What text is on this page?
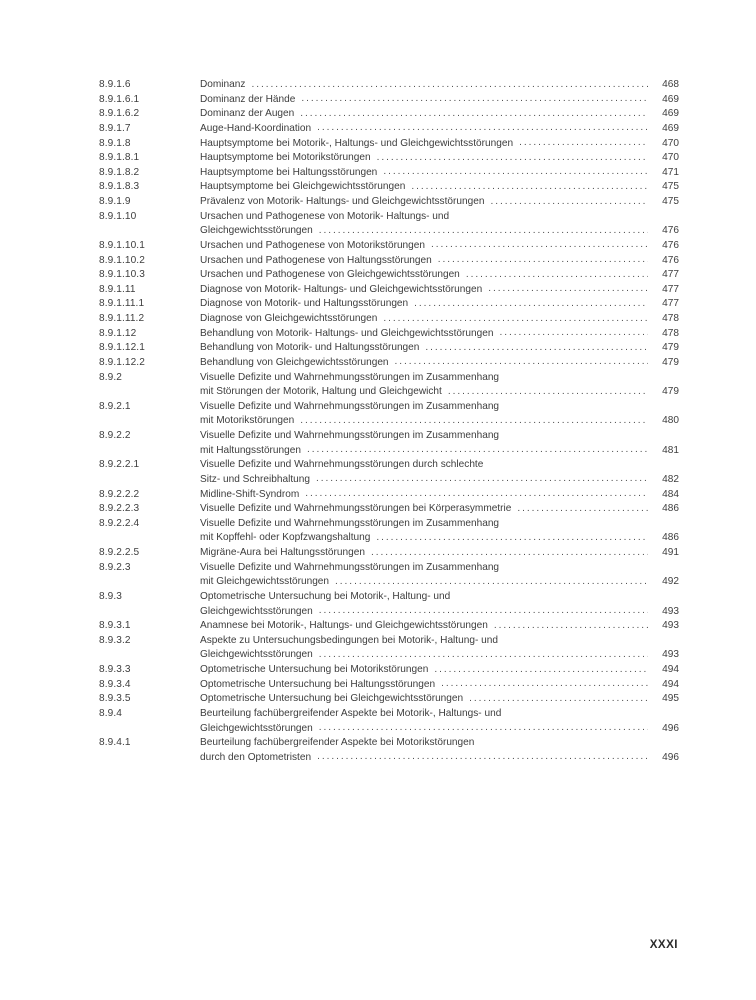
8.9.1.6	Dominanz .....	468
8.9.1.6.1	Dominanz der Hände .....	469
8.9.1.6.2	Dominanz der Augen .....	469
8.9.1.7	Auge-Hand-Koordination .....	469
8.9.1.8	Hauptsymptome bei Motorik-, Haltungs- und Gleichgewichtsstörungen .....	470
8.9.1.8.1	Hauptsymptome bei Motorikstörungen .....	470
8.9.1.8.2	Hauptsymptome bei Haltungsstörungen .....	471
8.9.1.8.3	Hauptsymptome bei Gleichgewichtsstörungen .....	475
8.9.1.9	Prävalenz von Motorik- Haltungs- und Gleichgewichtsstörungen .....	475
8.9.1.10	Ursachen und Pathogenese von Motorik- Haltungs- und
Gleichgewichtsstörungen .....	476
8.9.1.10.1	Ursachen und Pathogenese von Motorikstörungen .....	476
8.9.1.10.2	Ursachen und Pathogenese von Haltungsstörungen .....	476
8.9.1.10.3	Ursachen und Pathogenese von Gleichgewichtsstörungen .....	477
8.9.1.11	Diagnose von Motorik- Haltungs- und Gleichgewichtsstörungen .....	477
8.9.1.11.1	Diagnose von Motorik- und Haltungsstörungen .....	477
8.9.1.11.2	Diagnose von Gleichgewichtsstörungen .....	478
8.9.1.12	Behandlung von Motorik- Haltungs- und Gleichgewichtsstörungen .....	478
8.9.1.12.1	Behandlung von Motorik- und Haltungsstörungen .....	479
8.9.1.12.2	Behandlung von Gleichgewichtsstörungen .....	479
8.9.2	Visuelle Defizite und Wahrnehmungsstörungen im Zusammenhang
mit Störungen der Motorik, Haltung und Gleichgewicht .....	479
8.9.2.1	Visuelle Defizite und Wahrnehmungsstörungen im Zusammenhang
mit Motorikstörungen .....	480
8.9.2.2	Visuelle Defizite und Wahrnehmungsstörungen im Zusammenhang
mit Haltungsstörungen .....	481
8.9.2.2.1	Visuelle Defizite und Wahrnehmungsstörungen durch schlechte
Sitz- und Schreibhaltung .....	482
8.9.2.2.2	Midline-Shift-Syndrom .....	484
8.9.2.2.3	Visuelle Defizite und Wahrnehmungsstörungen bei Körperasymmetrie .....	486
8.9.2.2.4	Visuelle Defizite und Wahrnehmungsstörungen im Zusammenhang
mit Kopffehl- oder Kopfzwangshaltung .....	486
8.9.2.2.5	Migräne-Aura bei Haltungsstörungen .....	491
8.9.2.3	Visuelle Defizite und Wahrnehmungsstörungen im Zusammenhang
mit Gleichgewichtsstörungen .....	492
8.9.3	Optometrische Untersuchung bei Motorik-, Haltung- und
Gleichgewichtsstörungen .....	493
8.9.3.1	Anamnese bei Motorik-, Haltungs- und Gleichgewichtsstörungen .....	493
8.9.3.2	Aspekte zu Untersuchungsbedingungen bei Motorik-, Haltung- und
Gleichgewichtsstörungen .....	493
8.9.3.3	Optometrische Untersuchung bei Motorikstörungen .....	494
8.9.3.4	Optometrische Untersuchung bei Haltungsstörungen .....	494
8.9.3.5	Optometrische Untersuchung bei Gleichgewichtsstörungen .....	495
8.9.4	Beurteilung fachübergreifender Aspekte bei Motorik-, Haltungs- und
Gleichgewichtsstörungen .....	496
8.9.4.1	Beurteilung fachübergreifender Aspekte bei Motorikstörungen
durch den Optometristen .....	496
XXXI
